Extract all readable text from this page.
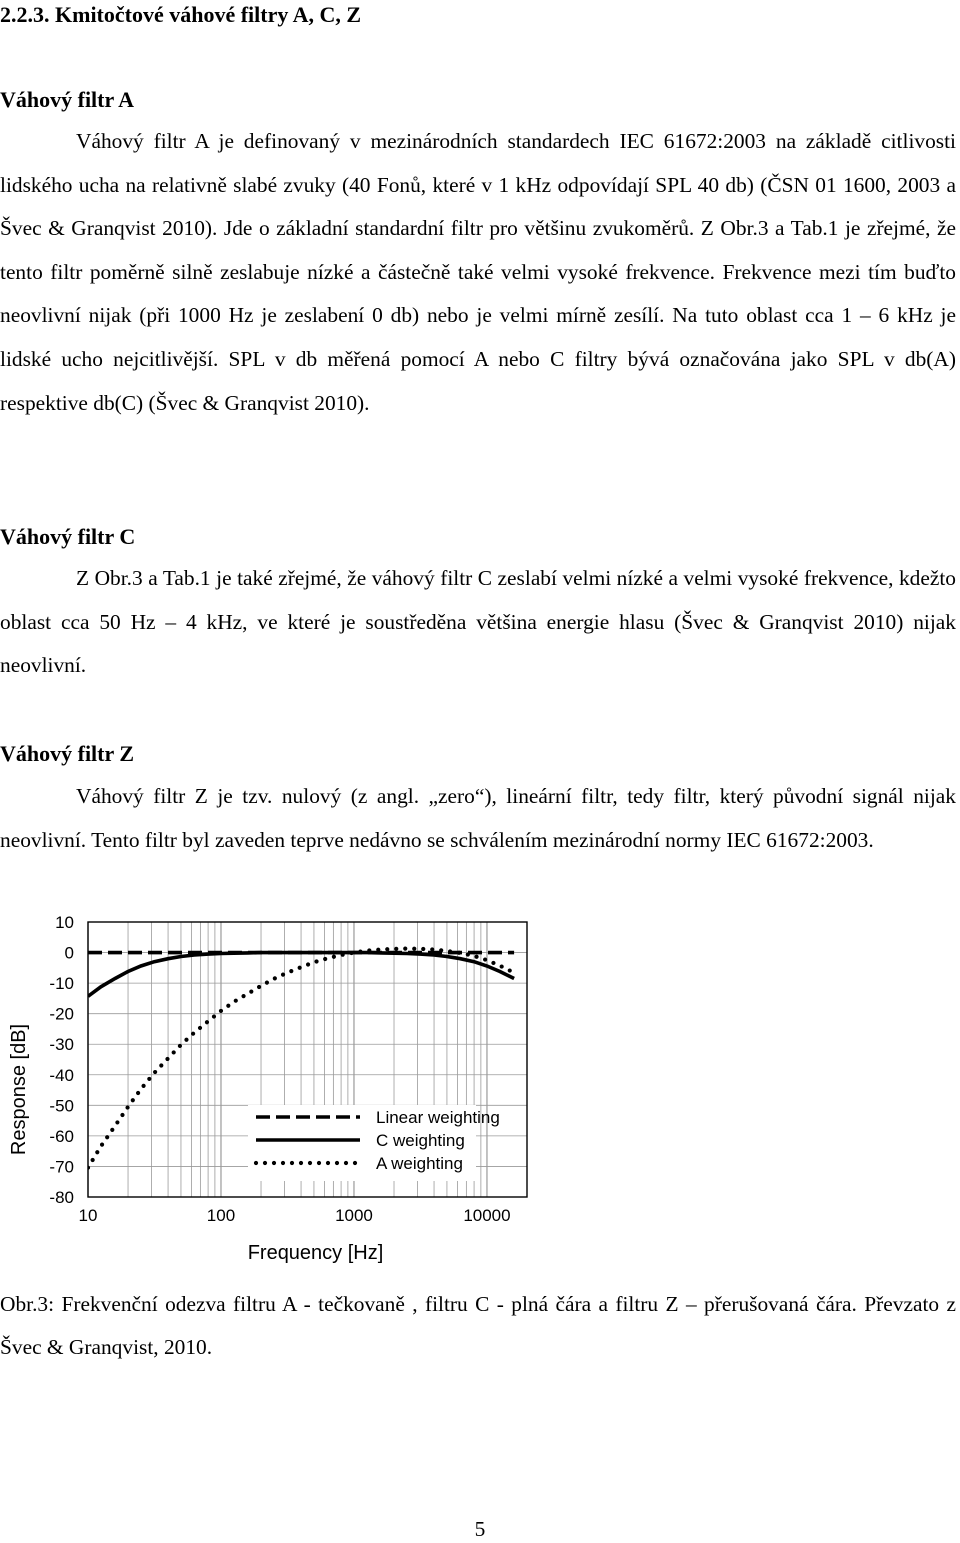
2.2.3. Kmitočtové váhové filtry A, C, Z
Váhový filtr A
Váhový filtr A je definovaný v mezinárodních standardech IEC 61672:2003 na základě citlivosti lidského ucha na relativně slabé zvuky (40 Fonů, které v 1 kHz odpovídají SPL 40 db) (ČSN 01 1600, 2003 a Švec & Granqvist 2010). Jde o základní standardní filtr pro většinu zvukoměrů. Z Obr.3 a Tab.1 je zřejmé, že tento filtr poměrně silně zeslabuje nízké a částečně také velmi vysoké frekvence. Frekvence mezi tím buďto neovlivní nijak (při 1000 Hz je zeslabení 0 db) nebo je velmi mírně zesílí. Na tuto oblast cca 1 – 6 kHz je lidské ucho nejcitlivější. SPL v db měřená pomocí A nebo C filtry bývá označována jako SPL v db(A) respektive db(C) (Švec & Granqvist 2010).
Váhový filtr C
Z Obr.3 a Tab.1 je také zřejmé, že váhový filtr C zeslabí velmi nízké a velmi vysoké frekvence, kdežto oblast cca 50 Hz – 4 kHz, ve které je soustředěna většina energie hlasu (Švec & Granqvist 2010) nijak neovlivní.
Váhový filtr Z
Váhový filtr Z je tzv. nulový (z angl. „zero“), lineární filtr, tedy filtr, který původní signál nijak neovlivní. Tento filtr byl zaveden teprve nedávno se schválením mezinárodní normy IEC 61672:2003.
10
0
-10
-20
-30
-40
-50
-60
-70
-80
10	100	1000	10000
Frequency [Hz]
Response [dB]	Linear weighting
C weighting
A weighting
Obr.3: Frekvenční odezva filtru A - tečkovaně , filtru C - plná čára a filtru Z – přerušovaná čára. Převzato z Švec & Granqvist, 2010.
5
